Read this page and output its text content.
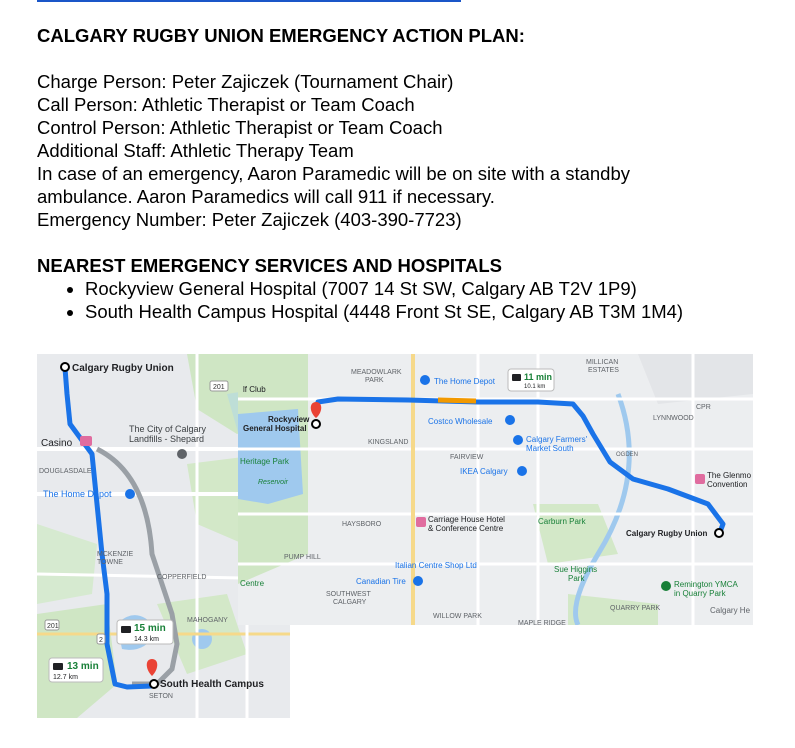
CALGARY RUGBY UNION EMERGENCY ACTION PLAN:

Charge Person: Peter Zajiczek (Tournament Chair)

Call Person: Athletic Therapist or Team Coach

Control Person: Athletic Therapist or Team Coach

Additional Staff: Athletic Therapy Team

In case of an emergency, Aaron Paramedic will be on site with a standby

ambulance. Aaron Paramedics will call 911 if necessary.

Emergency Number: Peter Zajiczek (403-390-7723)

NEAREST EMERGENCY SERVICES AND HOSPITALS

• Rockyview General Hospital (7007 14 St SW, Calgary AB T2V 1P9)
• South Health Campus Hospital (4448 Front St SE, Calgary AB T3M 1M4)
Calgary Rugby Union
201
The City of Calgary
Landfills - Shepard
Casino
DOUGLASDALE
The Home Depot
MCKENZIE
TOWNE
COPPERFIELD
MAHOGANY
201
2
15 min
14.3 km
13 min
12.7 km
South Health Campus
SETON
Rockyview
General Hospital
Calgary Rugby Union
11 min
10.1 km
MEADOWLARK
PARK	The Home Depot
MILLICAN
ESTATES
lf Club
Costco Wholesale
KINGSLAND
FAIRVIEW
Calgary Farmers'
Market South
IKEA Calgary
LYNNWOOD
OGDEN
CPR
The Glenmo
Convention
Heritage Park
Reservoir
HAYSBORO
Carriage House Hotel
& Conference Centre
Carburn Park
PUMP HILL
Italian Centre Shop Ltd
Canadian Tire
Sue Higgins
Park
Centre
SOUTHWEST
CALGARY
WILLOW PARK
MAPLE RIDGE
QUARRY PARK
Remington YMCA
in Quarry Park
Calgary He
